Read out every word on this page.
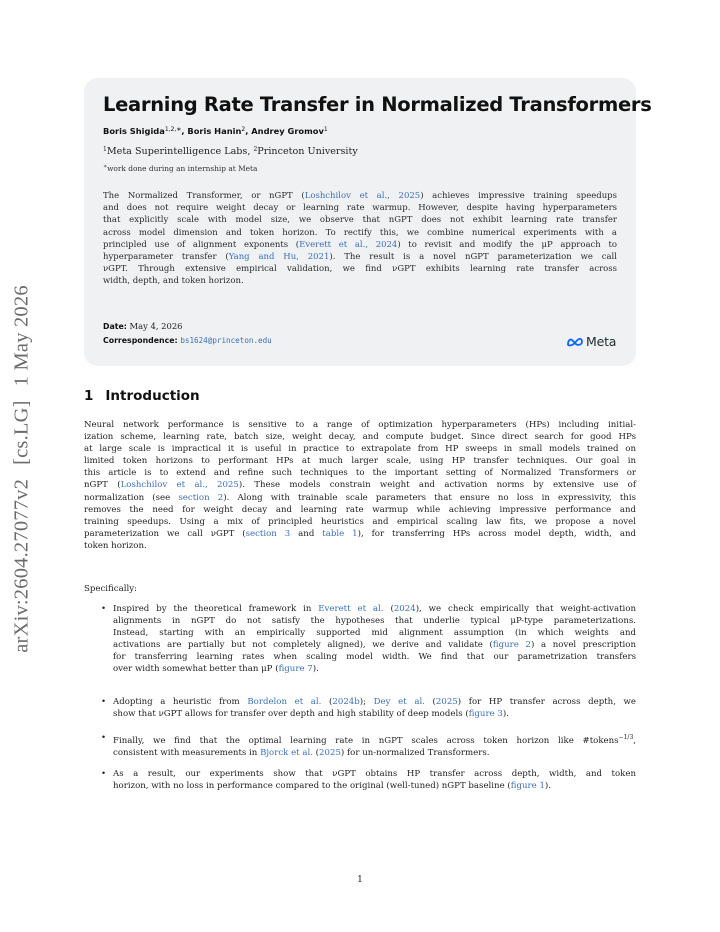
arXiv:2604.27077v2[cs.LG]1 May 2026
Learning Rate Transfer in Normalized Transformers
Boris Shigida$^{1,2,∗}$, Boris Hanin$^2$, Andrey Gromov$^1$
$^1$Meta Superintelligence Labs, $^2$Princeton University
∗work done during an internship at Meta
The Normalized Transformer, or nGPT (Loshchilov et al., 2025) achieves impressive training speedups
and does not require weight decay or learning rate warmup. However, despite having hyperparameters
that explicitly scale with model size, we observe that nGPT does not exhibit learning rate transfer
across model dimension and token horizon. To rectify this, we combine numerical experiments with a
principled use of alignment exponents (Everett et al., 2024) to revisit and modify the μP approach to
hyperparameter transfer (Yang and Hu, 2021). The result is a novel nGPT parameterization we call
νGPT. Through extensive empirical validation, we find νGPT exhibits learning rate transfer across
width, depth, and token horizon.
Date: May 4, 2026
Correspondence: bs1624@princeton.edu	Meta
1 Introduction
Neural network performance is sensitive to a range of optimization hyperparameters (HPs) including initial-
ization scheme, learning rate, batch size, weight decay, and compute budget. Since direct search for good HPs
at large scale is impractical it is useful in practice to extrapolate from HP sweeps in small models trained on
limited token horizons to performant HPs at much larger scale, using HP transfer techniques. Our goal in
this article is to extend and refine such techniques to the important setting of Normalized Transformers or
nGPT (Loshchilov et al., 2025). These models constrain weight and activation norms by extensive use of
normalization (see section 2). Along with trainable scale parameters that ensure no loss in expressivity, this
removes the need for weight decay and learning rate warmup while achieving impressive performance and
training speedups. Using a mix of principled heuristics and empirical scaling law fits, we propose a novel
parameterization we call νGPT (section 3 and table 1), for transferring HPs across model depth, width, and
token horizon.
Specifically:
• Inspired by the theoretical framework in Everett et al. (2024), we check empirically that weight-activation
alignments in nGPT do not satisfy the hypotheses that underlie typical μP-type parameterizations.
Instead, starting with an empirically supported mid alignment assumption (in which weights and
activations are partially but not completely aligned), we derive and validate (figure 2) a novel prescription
for transferring learning rates when scaling model width. We find that our parametrization transfers
over width somewhat better than μP (figure 7).
• Adopting a heuristic from Bordelon et al. (2024b); Dey et al. (2025) for HP transfer across depth, we
show that νGPT allows for transfer over depth and high stability of deep models (figure 3).
• Finally, we find that the optimal learning rate in nGPT scales across token horizon like #tokens$^{-1/3}$,
consistent with measurements in Bjorck et al. (2025) for un-normalized Transformers.
• As a result, our experiments show that νGPT obtains HP transfer across depth, width, and token
horizon, with no loss in performance compared to the original (well-tuned) nGPT baseline (figure 1).
1
